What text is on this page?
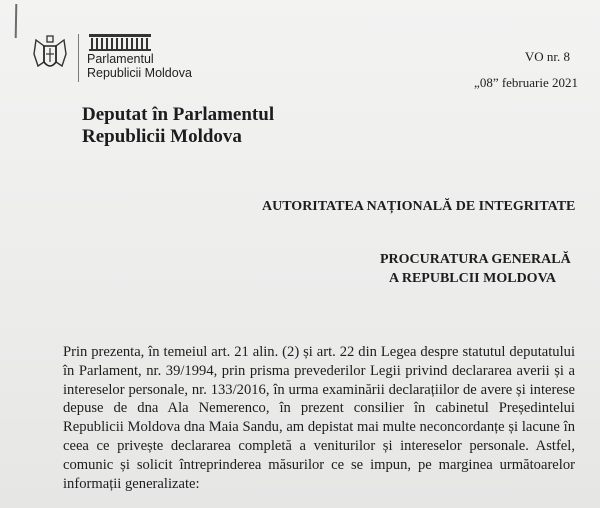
Parlamentul
Republicii Moldova
VO nr. 8
„08” februarie 2021
Deputat în Parlamentul
Republicii Moldova
AUTORITATEA NAȚIONALĂ DE INTEGRITATE
PROCURATURA GENERALĂ
A REPUBLCII MOLDOVA
Prin prezenta, în temeiul art. 21 alin. (2) și art. 22 din Legea despre statutul deputatului în Parlament, nr. 39/1994, prin prisma prevederilor Legii privind declararea averii și a intereselor personale, nr. 133/2016, în urma examinării declarațiilor de avere și interese depuse de dna Ala Nemerenco, în prezent consilier în cabinetul Președintelui Republicii Moldova dna Maia Sandu, am depistat mai multe neconcordanțe și lacune în ceea ce privește declararea completă a veniturilor și intereselor personale. Astfel, comunic și solicit întreprinderea măsurilor ce se impun, pe marginea următoarelor informații generalizate:
